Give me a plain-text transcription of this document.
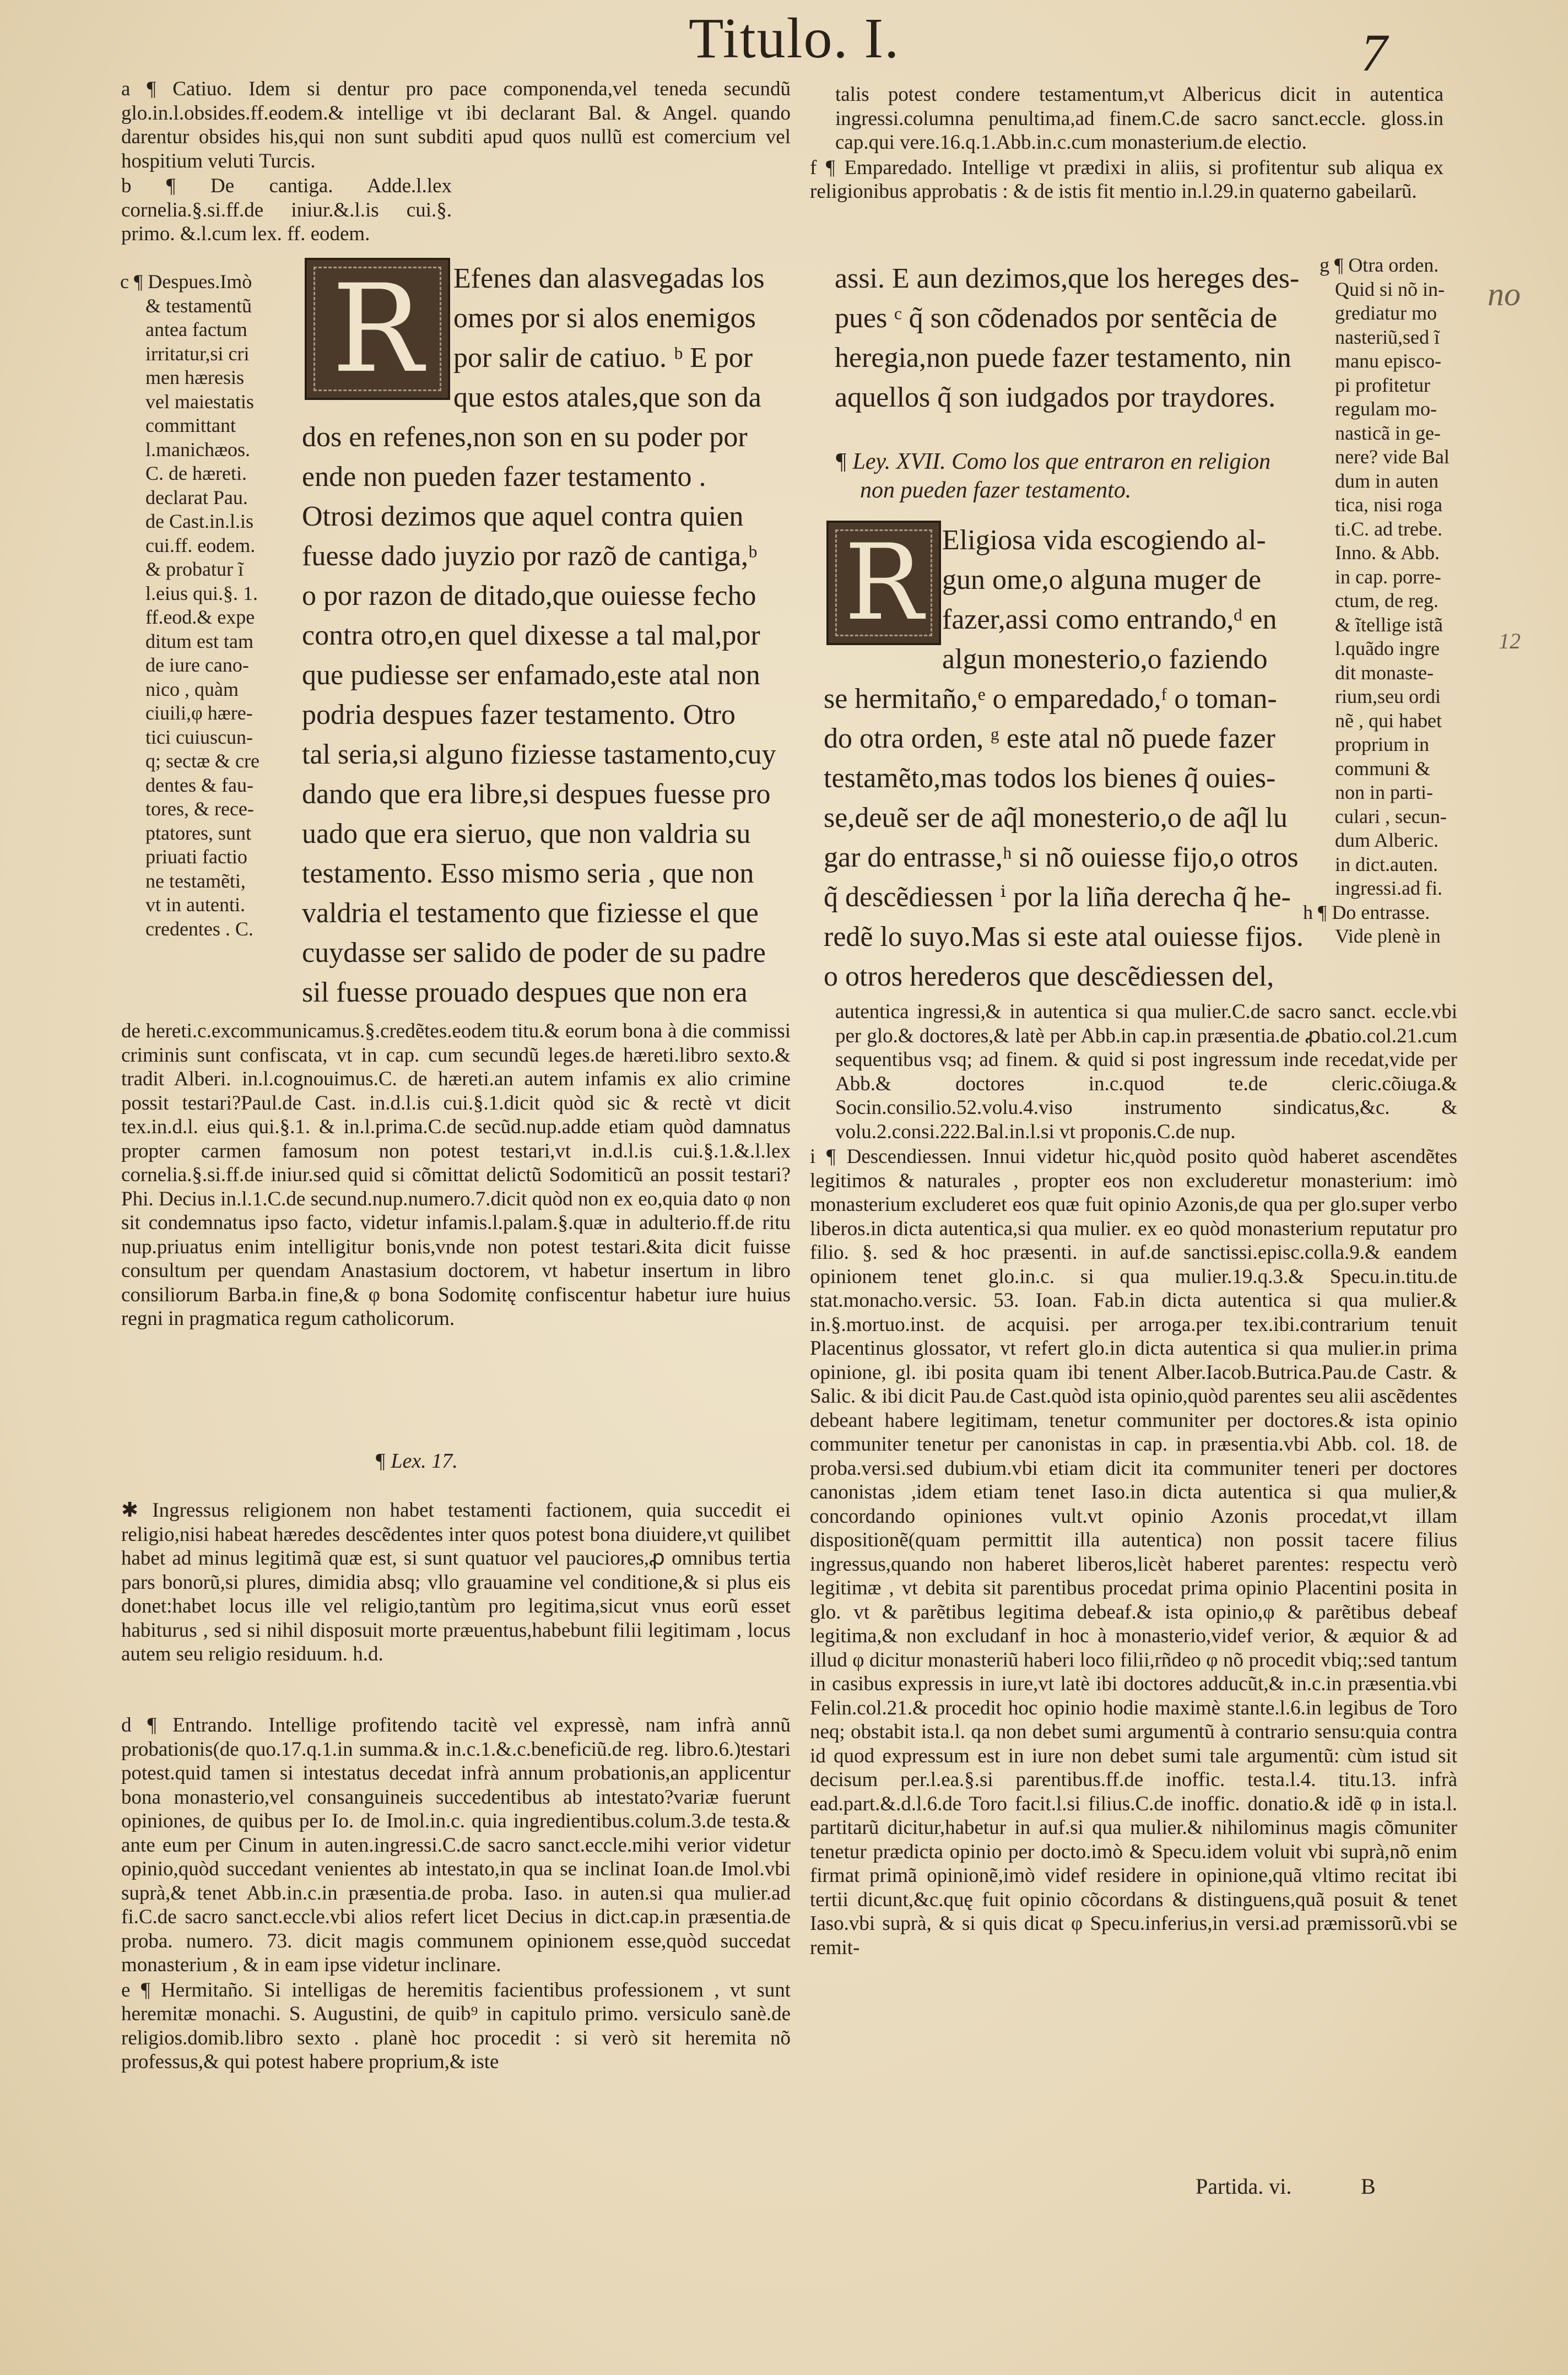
Titulo. I.	7

a ¶ Catiuo. Idem si dentur pro pace componenda,vel teneda secundũ glo.in.l.obsides.ff.eodem.& intellige vt ibi declarant Bal. & Angel. quando darentur obsides his,qui non sunt subditi apud quos nullũ est comercium vel hospitium veluti Turcis.

b ¶ De cantiga. Adde.l.lex cornelia.§.si.ff.de iniur.&.l.is cui.§. primo. &.l.cum lex. ff. eodem.

c ¶ Despues.Imò
& testamentũ
antea factum
irritatur,si cri
men hæresis
vel maiestatis
committant
l.manichæos.
C. de hæreti.
declarat Pau.
de Cast.in.l.is
cui.ff. eodem.
& probatur ĩ
l.eius qui.§. 1.
ff.eod.& expe
ditum est tam
de iure cano-
nico , quàm
ciuili,φ hære-
tici cuiuscun-
q; sectæ & cre
dentes & fau-
tores, & rece-
ptatores, sunt
priuati factio
ne testamẽti,
vt in autenti.
credentes . C.
R	Efenes dan alasvegadas los
omes por si alos enemigos
por salir de catiuo. ᵇ E por
que estos atales,que son da
dos en refenes,non son en su poder por
ende non pueden fazer testamento .
Otrosi dezimos que aquel contra quien
fuesse dado juyzio por razõ de cantiga,ᵇ
o por razon de ditado,que ouiesse fecho
contra otro,en quel dixesse a tal mal,por
que pudiesse ser enfamado,este atal non
podria despues fazer testamento. Otro
tal seria,si alguno fiziesse tastamento,cuy
dando que era libre,si despues fuesse pro
uado que era sieruo, que non valdria su
testamento. Esso mismo seria , que non
valdria el testamento que fiziesse el que
cuydasse ser salido de poder de su padre
sil fuesse prouado despues que non era

de hereti.c.excommunicamus.§.credẽtes.eodem titu.& eorum bona à die commissi criminis sunt confiscata, vt in cap. cum secundũ leges.de hæreti.libro sexto.& tradit Alberi. in.l.cognouimus.C. de hæreti.an autem infamis ex alio crimine possit testari?Paul.de Cast. in.d.l.is cui.§.1.dicit quòd sic & rectè vt dicit tex.in.d.l. eius qui.§.1. & in.l.prima.C.de secũd.nup.adde etiam quòd damnatus propter carmen famosum non potest testari,vt in.d.l.is cui.§.1.&.l.lex cornelia.§.si.ff.de iniur.sed quid si cõmittat delictũ Sodomiticũ an possit testari? Phi. Decius in.l.1.C.de secund.nup.numero.7.dicit quòd non ex eo,quia dato φ non sit condemnatus ipso facto, videtur infamis.l.palam.§.quæ in adulterio.ff.de ritu nup.priuatus enim intelligitur bonis,vnde non potest testari.&ita dicit fuisse consultum per quendam Anastasium doctorem, vt habetur insertum in libro consiliorum Barba.in fine,& φ bona Sodomitę confiscentur habetur iure huius regni in pragmatica regum catholicorum.

¶ Lex. 17.

✱ Ingressus religionem non habet testamenti factionem, quia succedit ei religio,nisi habeat hæredes descẽdentes inter quos potest bona diuidere,vt quilibet habet ad minus legitimã quæ est, si sunt quatuor vel pauciores,ꝓ omnibus tertia pars bonorũ,si plures, dimidia absq; vllo grauamine vel conditione,& si plus eis donet:habet locus ille vel religio,tantùm pro legitima,sicut vnus eorũ esset habiturus , sed si nihil disposuit morte præuentus,habebunt filii legitimam , locus autem seu religio residuum. h.d.

d ¶ Entrando. Intellige profitendo tacitè vel expressè, nam infrà annũ probationis(de quo.17.q.1.in summa.& in.c.1.&.c.beneficiũ.de reg. libro.6.)testari potest.quid tamen si intestatus decedat infrà annum probationis,an applicentur bona monasterio,vel consanguineis succedentibus ab intestato?variæ fuerunt opiniones, de quibus per Io. de Imol.in.c. quia ingredientibus.colum.3.de testa.& ante eum per Cinum in auten.ingressi.C.de sacro sanct.eccle.mihi verior videtur opinio,quòd succedant venientes ab intestato,in qua se inclinat Ioan.de Imol.vbi suprà,& tenet Abb.in.c.in præsentia.de proba. Iaso. in auten.si qua mulier.ad fi.C.de sacro sanct.eccle.vbi alios refert licet Decius in dict.cap.in præsentia.de proba. numero. 73. dicit magis communem opinionem esse,quòd succedat monasterium , & in eam ipse videtur inclinare.

e ¶ Hermitaño. Si intelligas de heremitis facientibus professionem , vt sunt heremitæ monachi. S. Augustini, de quib⁹ in capitulo primo. versiculo sanè.de religios.domib.libro sexto . planè hoc procedit : si verò sit heremita nõ professus,& qui potest habere proprium,& iste

talis potest condere testamentum,vt Albericus dicit in autentica ingressi.columna penultima,ad finem.C.de sacro sanct.eccle. gloss.in cap.qui vere.16.q.1.Abb.in.c.cum monasterium.de electio.

f ¶ Emparedado. Intellige vt prædixi in aliis, si profitentur sub aliqua ex religionibus approbatis : & de istis fit mentio in.l.29.in quaterno gabeilarũ.

assi. E aun dezimos,que los hereges des-
pues ᶜ q̃ son cõdenados por sentẽcia de
heregia,non puede fazer testamento, nin
aquellos q̃ son iudgados por traydores.
¶ Ley. XVII. Como los que entraron en religion
non pueden fazer testamento.
R Eligiosa vida escogiendo al-
gun ome,o alguna muger de
fazer,assi como entrando,ᵈ en
algun monesterio,o faziendo
se hermitaño,ᵉ o emparedado,ᶠ o toman-
do otra orden, ᵍ este atal nõ puede fazer
testamẽto,mas todos los bienes q̃ ouies-
se,deuẽ ser de aq̃l monesterio,o de aq̃l lu
gar do entrasse,ʰ si nõ ouiesse fijo,o otros
q̃ descẽdiessen ⁱ por la liña derecha q̃ he-
redẽ lo suyo.Mas si este atal ouiesse fijos.
o otros herederos que descẽdiessen del,
g ¶ Otra orden.
Quid si nõ in-
grediatur mo
nasteriũ,sed ĩ
manu episco-
pi profitetur
regulam mo-
nasticã in ge-
nere? vide Bal
dum in auten
tica, nisi roga
ti.C. ad trebe.
Inno. & Abb.
in cap. porre-
ctum, de reg.
& ĩtellige istã
l.quãdo ingre
dit monaste-
rium,seu ordi
nẽ , qui habet
proprium in
communi &
non in parti-
culari , secun-
dum Alberic.
in dict.auten.
ingressi.ad fi.
h ¶ Do entrasse.
Vide plenè in

autentica ingressi,& in autentica si qua mulier.C.de sacro sanct. eccle.vbi per glo.& doctores,& latè per Abb.in cap.in præsentia.de ꝓbatio.col.21.cum sequentibus vsq; ad finem. & quid si post ingressum inde recedat,vide per Abb.& doctores in.c.quod te.de cleric.cõiuga.& Socin.consilio.52.volu.4.viso instrumento sindicatus,&c. & volu.2.consi.222.Bal.in.l.si vt proponis.C.de nup.

i ¶ Descendiessen. Innui videtur hic,quòd posito quòd haberet ascendẽtes legitimos & naturales , propter eos non excluderetur monasterium: imò monasterium excluderet eos quæ fuit opinio Azonis,de qua per glo.super verbo liberos.in dicta autentica,si qua mulier. ex eo quòd monasterium reputatur pro filio. §. sed & hoc præsenti. in auf.de sanctissi.episc.colla.9.& eandem opinionem tenet glo.in.c. si qua mulier.19.q.3.& Specu.in.titu.de stat.monacho.versic. 53. Ioan. Fab.in dicta autentica si qua mulier.& in.§.mortuo.inst. de acquisi. per arroga.per tex.ibi.contrarium tenuit Placentinus glossator, vt refert glo.in dicta autentica si qua mulier.in prima opinione, gl. ibi posita quam ibi tenent Alber.Iacob.Butrica.Pau.de Castr. & Salic. & ibi dicit Pau.de Cast.quòd ista opinio,quòd parentes seu alii ascẽdentes debeant habere legitimam, tenetur communiter per doctores.& ista opinio communiter tenetur per canonistas in cap. in præsentia.vbi Abb. col. 18. de proba.versi.sed dubium.vbi etiam dicit ita communiter teneri per doctores canonistas ,idem etiam tenet Iaso.in dicta autentica si qua mulier,& concordando opiniones vult.vt opinio Azonis procedat,vt illam dispositionẽ(quam permittit illa autentica) non possit tacere filius ingressus,quando non haberet liberos,licèt haberet parentes: respectu verò legitimæ , vt debita sit parentibus procedat prima opinio Placentini posita in glo. vt & parẽtibus legitima debeaf.& ista opinio,φ & parẽtibus debeaf legitima,& non excludanf in hoc à monasterio,videf verior, & æquior & ad illud φ dicitur monasteriũ haberi loco filii,rñdeo φ nõ procedit vbiq;:sed tantum in casibus expressis in iure,vt latè ibi doctores adducũt,& in.c.in præsentia.vbi Felin.col.21.& procedit hoc opinio hodie maximè stante.l.6.in legibus de Toro neq; obstabit ista.l. qa non debet sumi argumentũ à contrario sensu:quia contra id quod expressum est in iure non debet sumi tale argumentũ: cùm istud sit decisum per.l.ea.§.si parentibus.ff.de inoffic. testa.l.4. titu.13. infrà ead.part.&.d.l.6.de Toro facit.l.si filius.C.de inoffic. donatio.& idẽ φ in ista.l. partitarũ dicitur,habetur in auf.si qua mulier.& nihilominus magis cõmuniter tenetur prædicta opinio per docto.imò & Specu.idem voluit vbi suprà,nõ enim firmat primã opinionẽ,imò videf residere in opinione,quã vltimo recitat ibi tertii dicunt,&c.quę fuit opinio cõcordans & distinguens,quã posuit & tenet Iaso.vbi suprà, & si quis dicat φ Specu.inferius,in versi.ad præmissorũ.vbi se remit-

no
12
Partida. vi.	B
